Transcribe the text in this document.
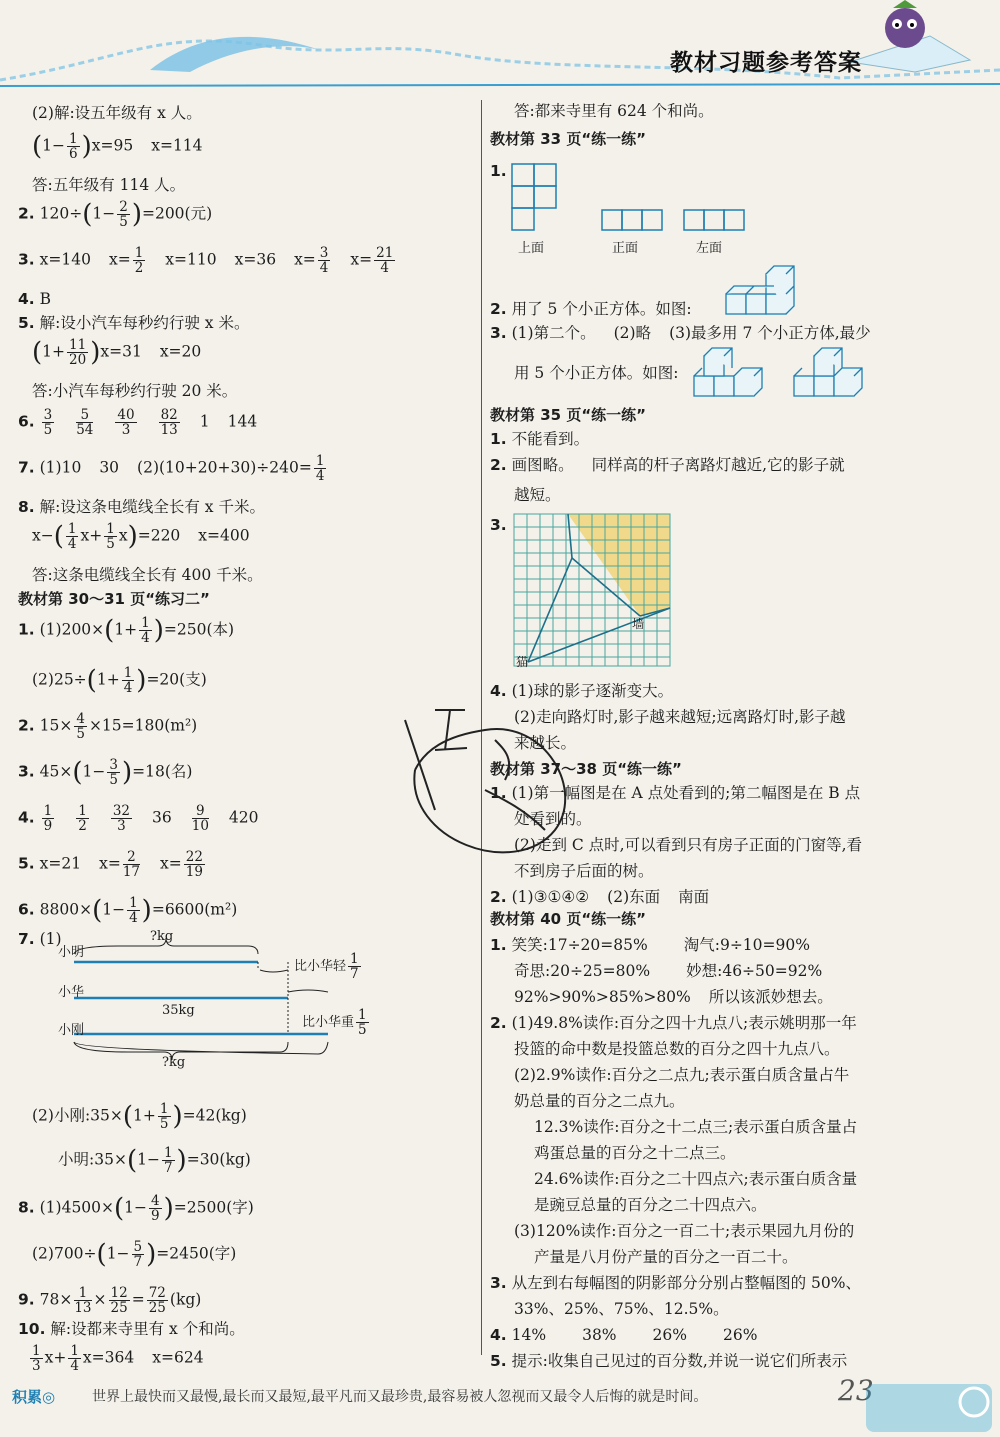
教材习题参考答案
(2)解:设五年级有 x 人。
$(1- \frac{1}{6} )x=95$ x=114
答:五年级有 114 人。
2. $120\div(1- \frac{2}{5} )=200$(元)
3. x=140 $x= \frac{1}{2} x=110$ x=36 $x= \frac{3}{4} x= \frac{21}{4}$
4. B
5. 解:设小汽车每秒约行驶 x 米。
$(1+ \frac{11}{20} )x=31$ x=20
答:小汽车每秒约行驶 20 米。
6. $\frac{3}{5} \frac{5}{54} \frac{40}{3} \frac{82}{13} 1$ 144
7. (1)10 30 $(2)(10+20+30)\div 240= \frac{1}{4}$
8. 解:设这条电缆线全长有 x 千米。
$x-( \frac{1}{4} x+ \frac{1}{5} x)=220$ x=400
答:这条电缆线全长有 400 千米。
教材第 30～31 页“练习二”
1. $(1)200\times(1+ \frac{1}{4} )=250$(本)
$(2)25\div(1+ \frac{1}{4} )=20$(支)
2. $15\times \frac{4}{5} \times 15=180(m^2)$
3. $45\times(1- \frac{3}{5} )=18$(名)
4. $\frac{1}{9} \frac{1}{2} \frac{32}{3} 36 \frac{9}{10} 420$
5. x=21 $x= \frac{2}{17} x= \frac{22}{19}$
6. $8800\times(1- \frac{1}{4} )=6600(m^2)$
7. (1)
小明
小华
小刚
?kg
35kg
?kg
比小华轻 $\frac{1}{7}$
比小华重 $\frac{1}{5}$
(2)小刚:35×(1+ $\frac{1}{5} )=42(kg)$
小明:35×(1− $\frac{1}{7} )=30(kg)$
8. $(1)4500\times(1- \frac{4}{9} )=2500$(字)
$(2)700\div(1- \frac{5}{7} )=2450$(字)
9. $78\times \frac{1}{13} \times \frac{12}{25} = \frac{72}{25} (kg)$
10. 解:设都来寺里有 x 个和尚。
$\frac{1}{3} x+ \frac{1}{4} x=364$ x=624
答:都来寺里有 624 个和尚。
教材第 33 页“练一练”
1.
上面	正面	左面
2. 用了 5 个小正方体。如图:
3. (1)第二个。 (2)略 (3)最多用 7 个小正方体,最少
用 5 个小正方体。如图:
教材第 35 页“练一练”
1. 不能看到。
2. 画图略。 同样高的杆子离路灯越近,它的影子就
越短。
3.
墙
猫
4. (1)球的影子逐渐变大。
(2)走向路灯时,影子越来越短;远离路灯时,影子越
来越长。
教材第 37～38 页“练一练”
1. (1)第一幅图是在 A 点处看到的;第二幅图是在 B 点
处看到的。
(2)走到 C 点时,可以看到只有房子正面的门窗等,看
不到房子后面的树。
2. (1)③①④② (2)东面 南面
教材第 40 页“练一练”
1. 笑笑:17÷20=85% 淘气:9÷10=90%
奇思:20÷25=80% 妙想:46÷50=92%
92%>90%>85%>80% 所以该派妙想去。
2. (1)49.8%读作:百分之四十九点八;表示姚明那一年
投篮的命中数是投篮总数的百分之四十九点八。
(2)2.9%读作:百分之二点九;表示蛋白质含量占牛
奶总量的百分之二点九。
12.3%读作:百分之十二点三;表示蛋白质含量占
鸡蛋总量的百分之十二点三。
24.6%读作:百分之二十四点六;表示蛋白质含量
是豌豆总量的百分之二十四点六。
(3)120%读作:百分之一百二十;表示果园九月份的
产量是八月份产量的百分之一百二十。
3. 从左到右每幅图的阴影部分分别占整幅图的 50%、
33%、25%、75%、12.5%。
4. 14% 38% 26% 26%
5. 提示:收集自己见过的百分数,并说一说它们所表示
积累◎	世界上最快而又最慢,最长而又最短,最平凡而又最珍贵,最容易被人忽视而又最令人后悔的就是时间。	23
